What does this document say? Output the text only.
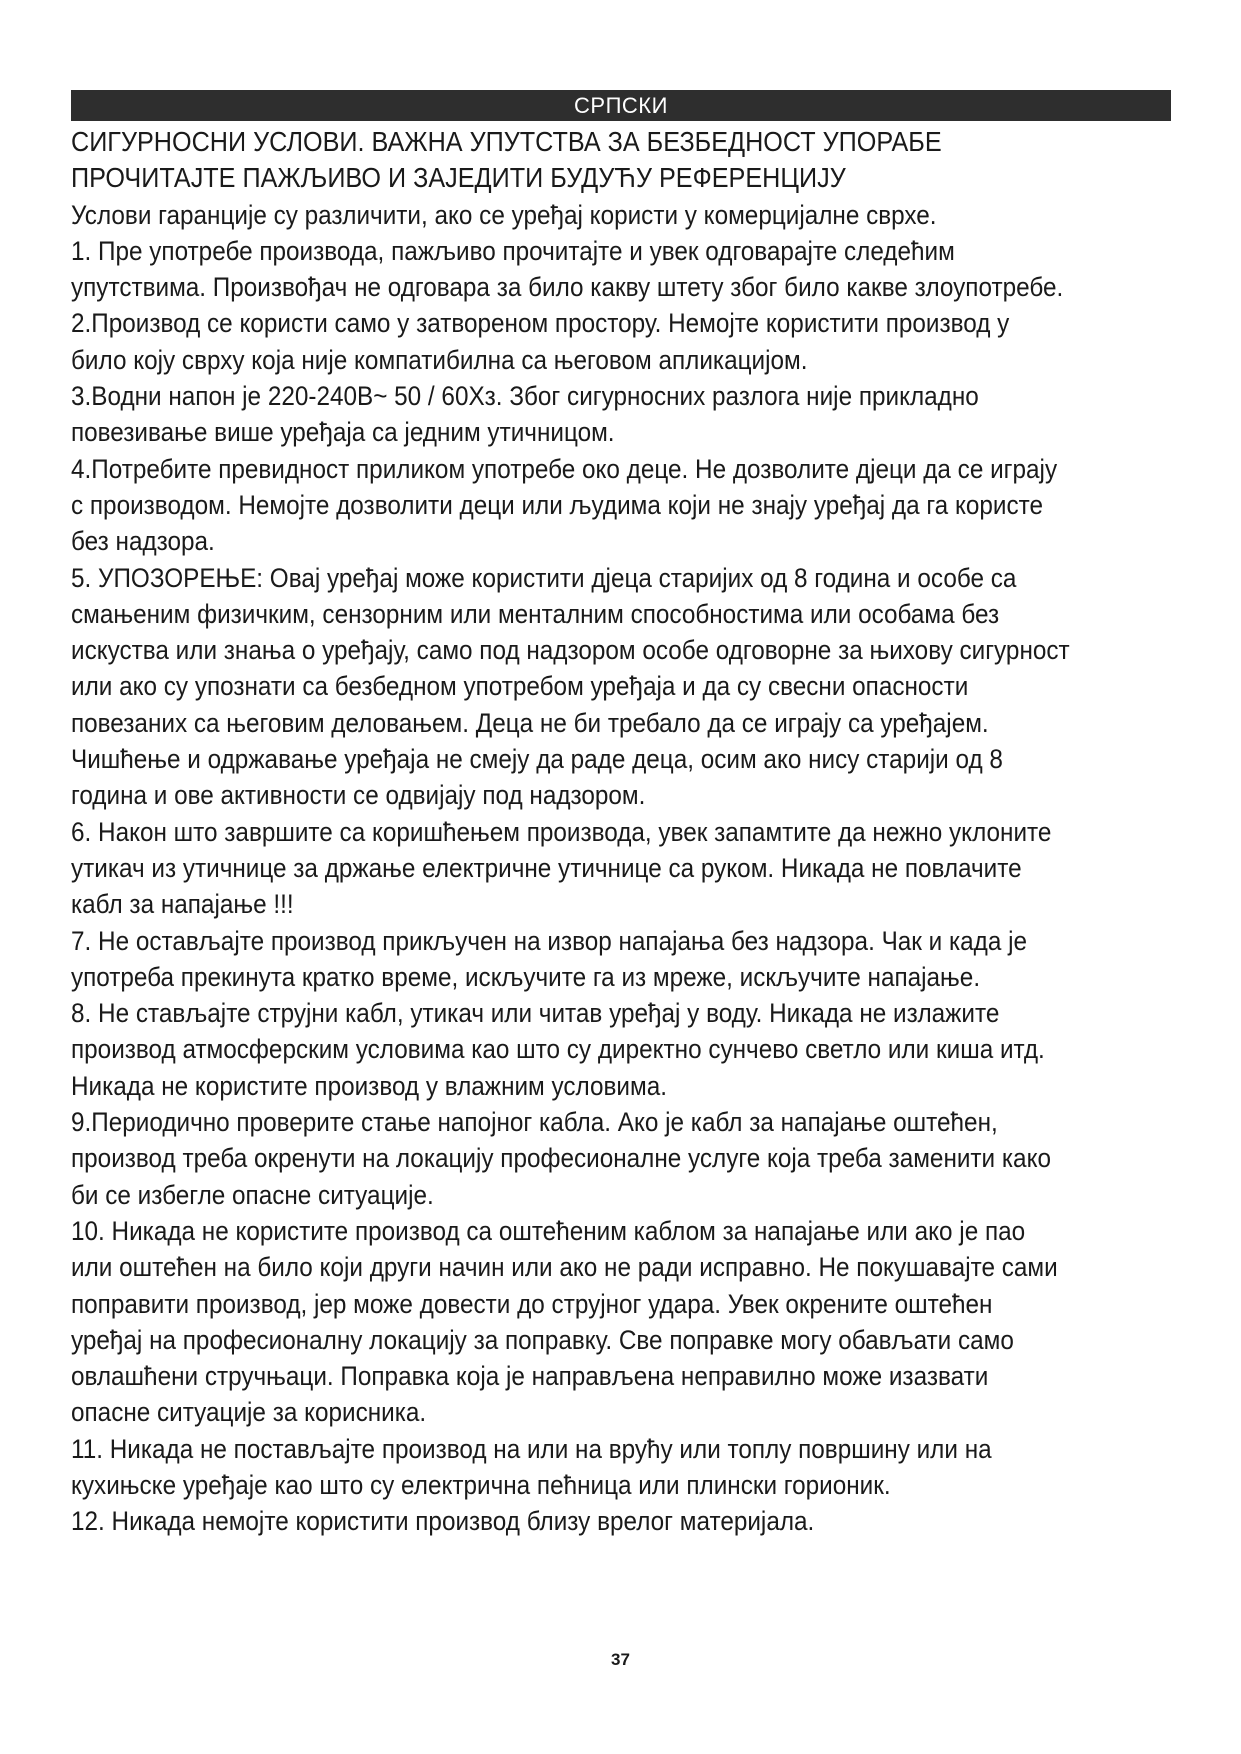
СРПСКИ

СИГУРНОСНИ УСЛОВИ. ВАЖНА УПУТСТВА ЗА БЕЗБЕДНОСТ УПОРАБЕ

ПРОЧИТАЈТЕ ПАЖЉИВО И ЗАЈЕДИТИ БУДУЋУ РЕФЕРЕНЦИЈУ

Услови гаранције су различити, ако се уређај користи у комерцијалне сврхе.

1. Пре употребе производа, пажљиво прочитајте и увек одговарајте следећим упутствима. Произвођач не одговара за било какву штету због било какве злоупотребе.

2.Производ се користи само у затвореном простору. Немојте користити производ у било коју сврху која није компатибилна са његовом апликацијом.

3.Водни напон је 220-240В~ 50 / 60Хз. Због сигурносних разлога није прикладно повезивање више уређаја са једним утичницом.

4.Потребите превидност приликом употребе око деце. Не дозволите дјеци да се играју с производом. Немојте дозволити деци или људима који не знају уређај да га користе без надзора.

5. УПОЗОРЕЊЕ: Овај уређај може користити дјеца старијих од 8 година и особе са смањеним физичким, сензорним или менталним способностима или особама без искуства или знања о уређају, само под надзором особе одговорне за њихову сигурност или ако су упознати са безбедном употребом уређаја и да су свесни опасности повезаних са његовим деловањем. Деца не би требало да се играју са уређајем. Чишћење и одржавање уређаја не смеју да раде деца, осим ако нису старији од 8 година и ове активности се одвијају под надзором.

6. Након што завршите са коришћењем производа, увек запамтите да нежно уклоните утикач из утичнице за држање електричне утичнице са руком. Никада не повлачите кабл за напајање !!!

7. Не остављајте производ прикључен на извор напајања без надзора. Чак и када је употреба прекинута кратко време, искључите га из мреже, искључите напајање.

8. Не стављајте струјни кабл, утикач или читав уређај у воду. Никада не излажите производ атмосферским условима као што су директно сунчево светло или киша итд. Никада не користите производ у влажним условима.

9.Периодично проверите стање напојног кабла. Ако је кабл за напајање оштећен, производ треба окренути на локацију професионалне услуге која треба заменити како би се избегле опасне ситуације.

10. Никада не користите производ са оштећеним каблом за напајање или ако је пао или оштећен на било који други начин или ако не ради исправно. Не покушавајте сами поправити производ, јер може довести до струјног удара. Увек окрените оштећен уређај на професионалну локацију за поправку. Све поправке могу обављати само овлашћени стручњаци. Поправка која је направљена неправилно може изазвати опасне ситуације за корисника.

11. Никада не постављајте производ на или на врућу или топлу површину или на кухињске уређаје као што су електрична пећница или плински горионик.

12. Никада немојте користити производ близу врелог материјала.

37
